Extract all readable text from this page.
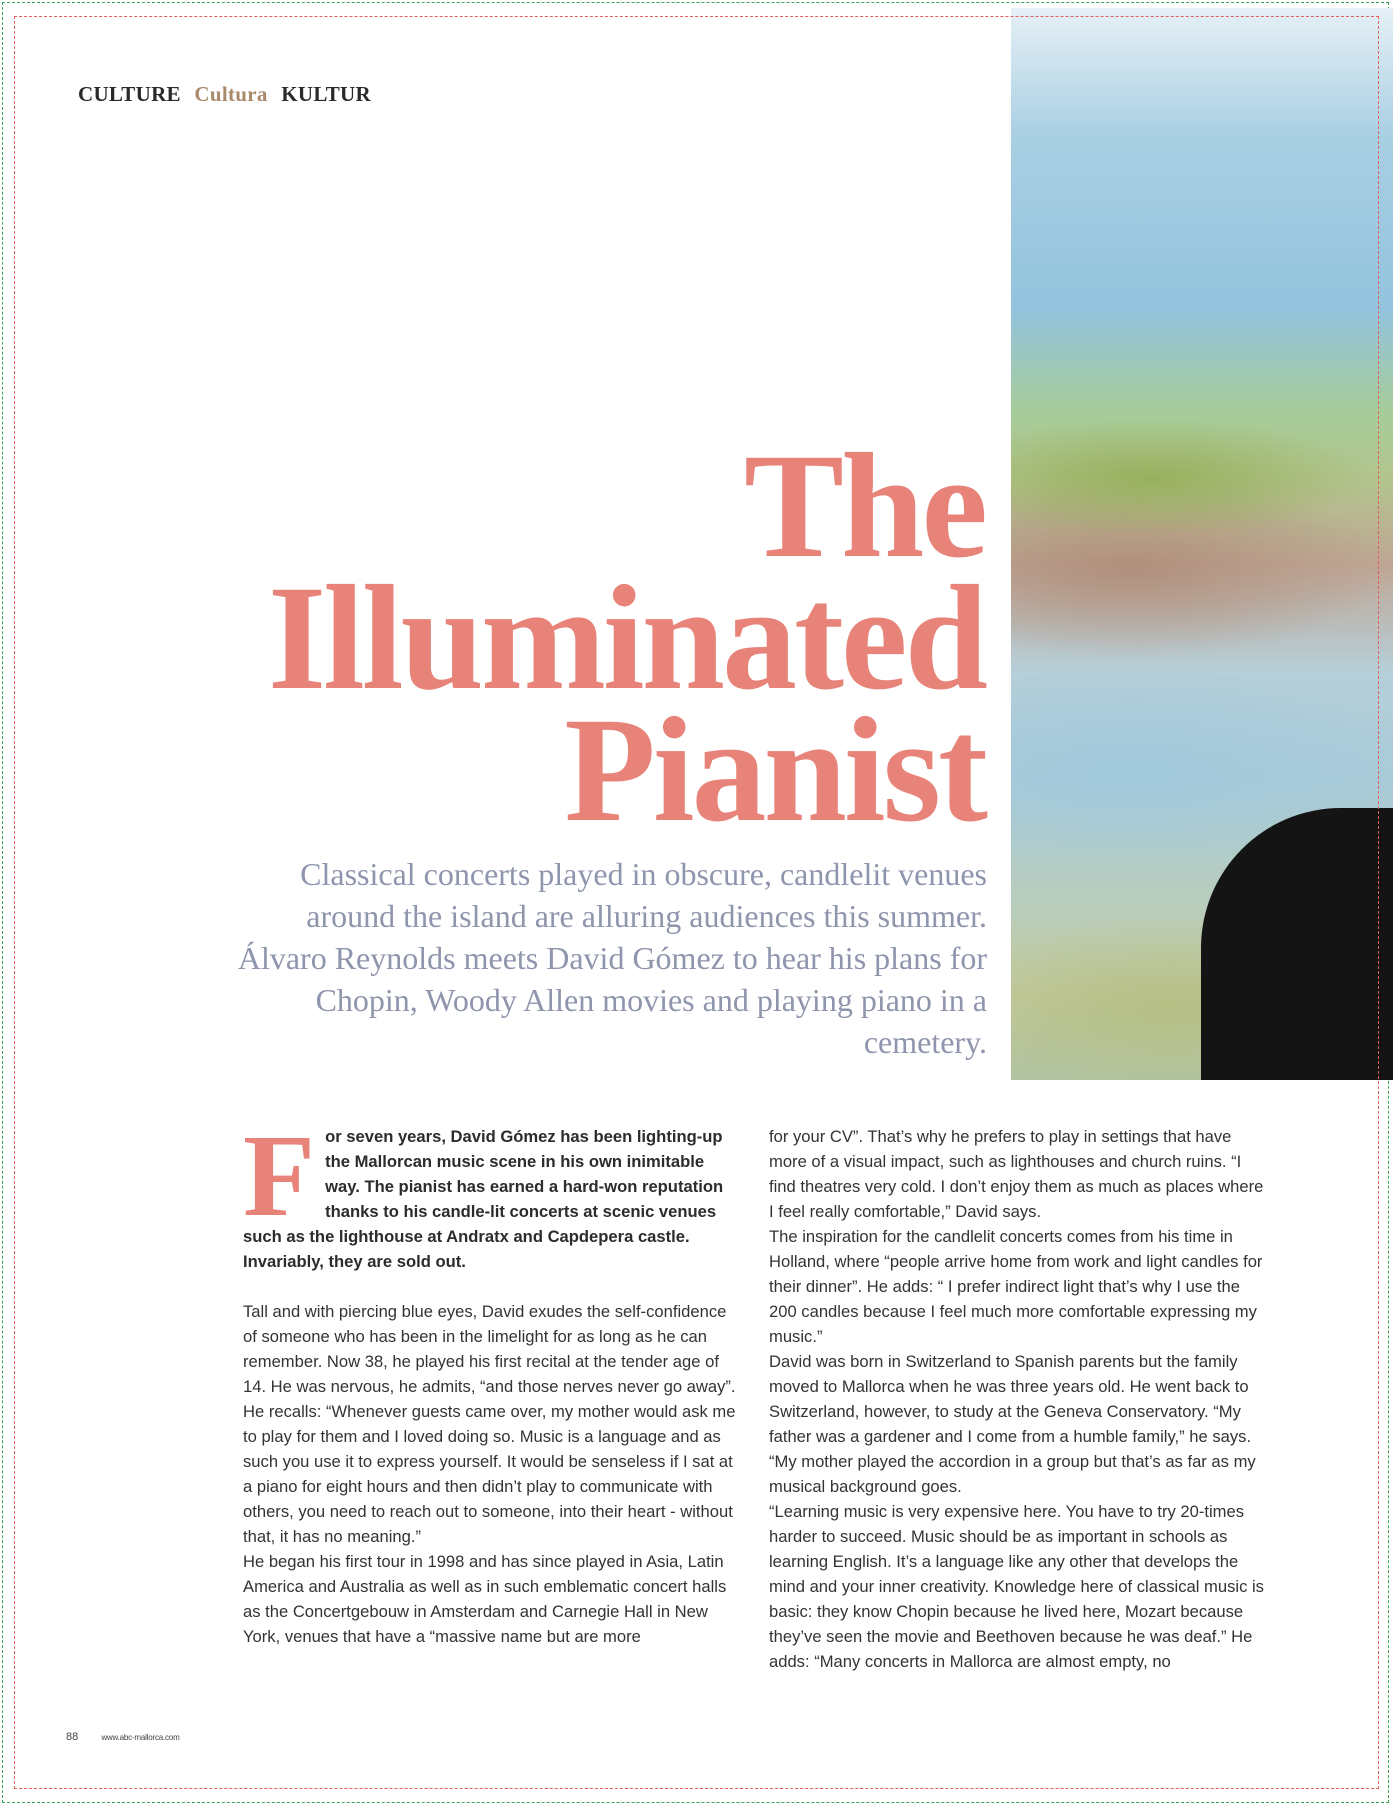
CULTURE Cultura KULTUR
The
Illuminated
Pianist
Classical concerts played in obscure, candlelit venues around the island are alluring audiences this summer. Álvaro Reynolds meets David Gómez to hear his plans for Chopin, Woody Allen movies and playing piano in a cemetery.

For seven years, David Gómez has been lighting-up the Mallorcan music scene in his own inimitable way. The pianist has earned a hard-won reputation thanks to his candle-lit concerts at scenic venues such as the lighthouse at Andratx and Capdepera castle. Invariably, they are sold out.

Tall and with piercing blue eyes, David exudes the self-confidence of someone who has been in the limelight for as long as he can remember. Now 38, he played his first recital at the tender age of 14. He was nervous, he admits, “and those nerves never go away”.

He recalls: “Whenever guests came over, my mother would ask me to play for them and I loved doing so. Music is a language and as such you use it to express yourself. It would be senseless if I sat at a piano for eight hours and then didn’t play to communicate with others, you need to reach out to someone, into their heart - without that, it has no meaning.”

He began his first tour in 1998 and has since played in Asia, Latin America and Australia as well as in such emblematic concert halls as the Concertgebouw in Amsterdam and Carnegie Hall in New York, venues that have a “massive name but are more

for your CV”. That’s why he prefers to play in settings that have more of a visual impact, such as lighthouses and church ruins. “I find theatres very cold. I don’t enjoy them as much as places where I feel really comfortable,” David says.

The inspiration for the candlelit concerts comes from his time in Holland, where “people arrive home from work and light candles for their dinner”. He adds: “ I prefer indirect light that’s why I use the 200 candles because I feel much more comfortable expressing my music.”

David was born in Switzerland to Spanish parents but the family moved to Mallorca when he was three years old. He went back to Switzerland, however, to study at the Geneva Conservatory. “My father was a gardener and I come from a humble family,” he says. “My mother played the accordion in a group but that’s as far as my musical background goes.

“Learning music is very expensive here. You have to try 20-times harder to succeed. Music should be as important in schools as learning English. It’s a language like any other that develops the mind and your inner creativity. Knowledge here of classical music is basic: they know Chopin because he lived here, Mozart because they’ve seen the movie and Beethoven because he was deaf.” He adds: “Many concerts in Mallorca are almost empty, no

88	www.abc-mallorca.com
